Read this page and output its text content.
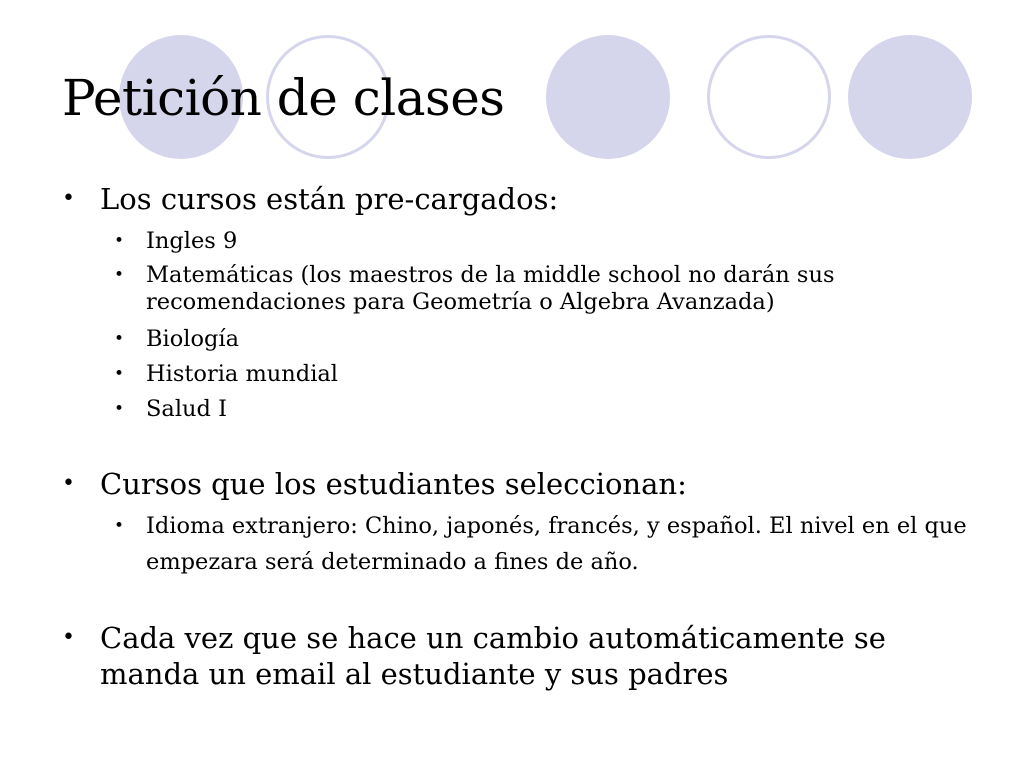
Petición de clases
• Los cursos están pre-cargados:
• Ingles 9
• Matemáticas (los maestros de la middle school no darán sus recomendaciones para Geometría o Algebra Avanzada)
• Biología
• Historia mundial
• Salud I
• Cursos que los estudiantes seleccionan:
• Idioma extranjero: Chino, japonés, francés, y español. El nivel en el que empezara será determinado a fines de año.
• Cada vez que se hace un cambio automáticamente se manda un email al estudiante y sus padres
